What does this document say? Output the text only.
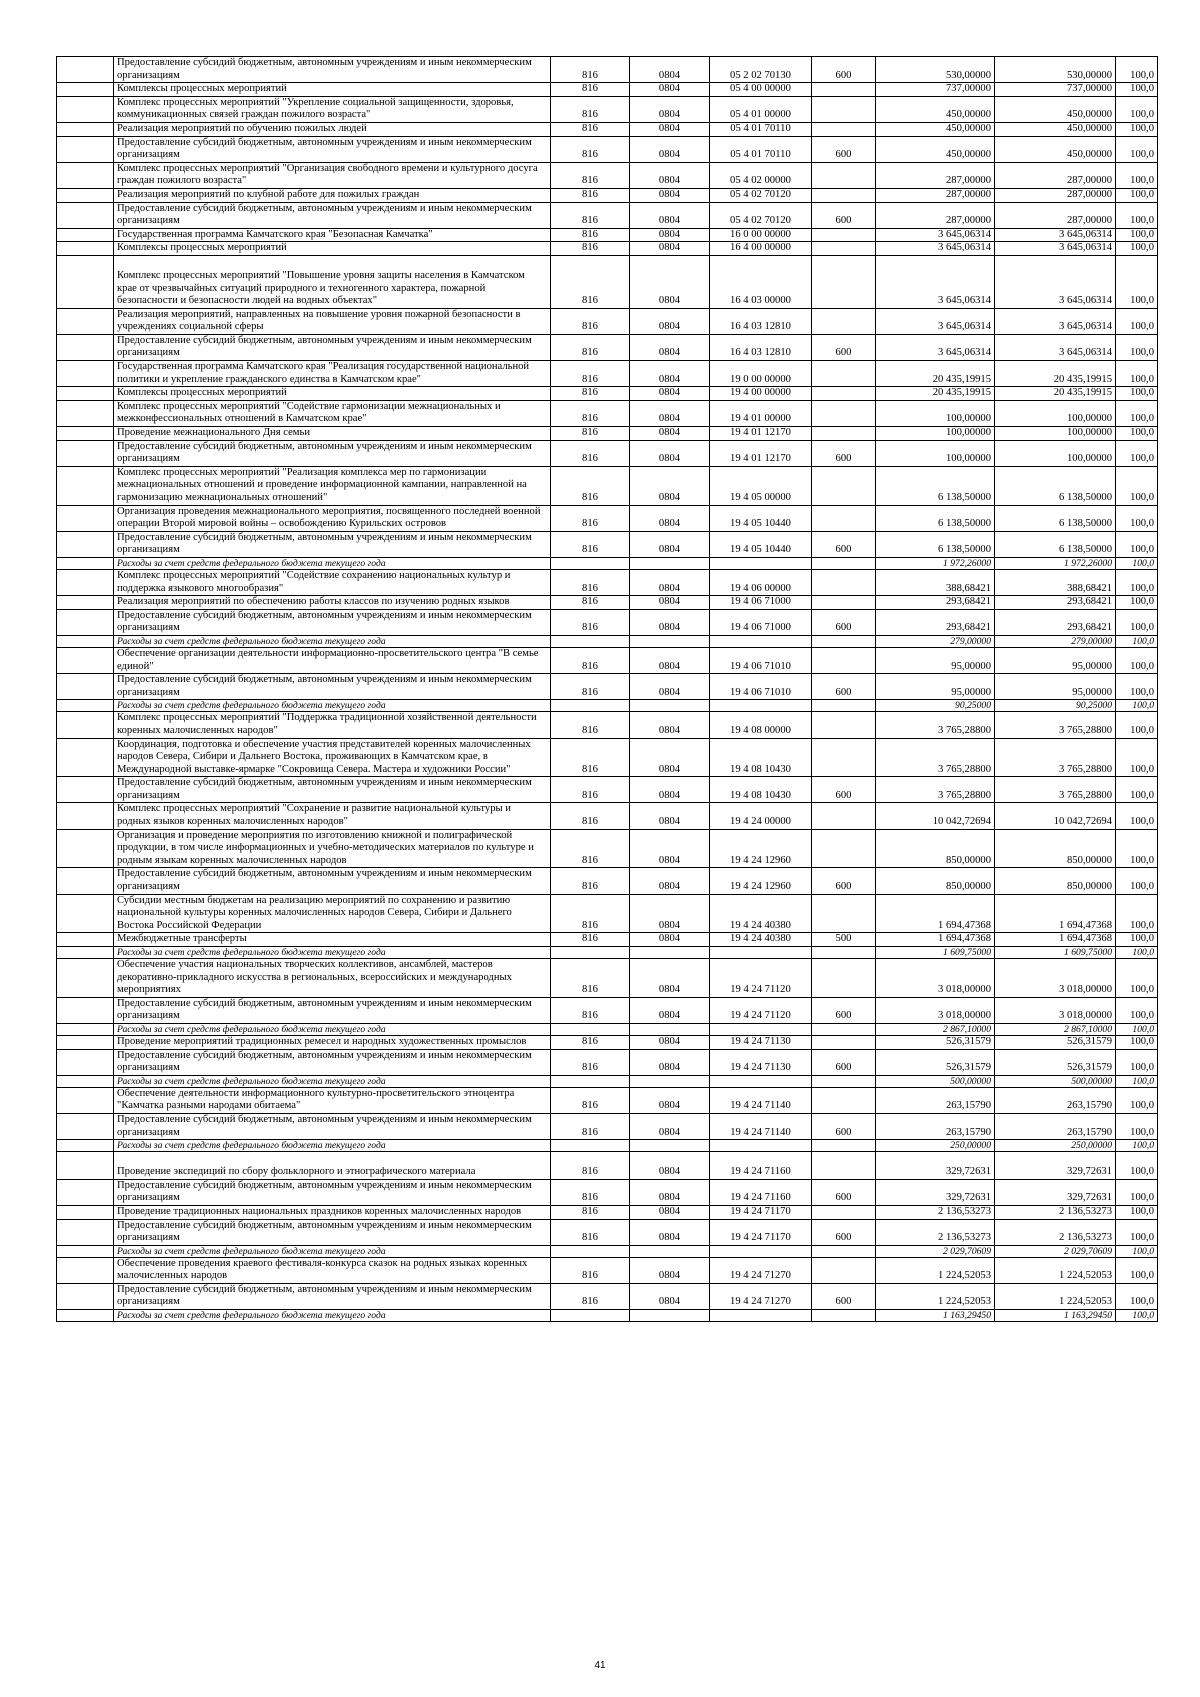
	Предоставление субсидий бюджетным, автономным учреждениям и иным некоммерческим организациям	816	0804	05 2 02 70130	600	530,00000	530,00000	100,0
	Комплексы процессных мероприятий	816	0804	05 4 00 00000		737,00000	737,00000	100,0
	Комплекс процессных мероприятий "Укрепление социальной защищенности, здоровья, коммуникационных связей граждан пожилого возраста"	816	0804	05 4 01 00000		450,00000	450,00000	100,0
	Реализация мероприятий по обучению пожилых людей	816	0804	05 4 01 70110		450,00000	450,00000	100,0
	Предоставление субсидий бюджетным, автономным учреждениям и иным некоммерческим организациям	816	0804	05 4 01 70110	600	450,00000	450,00000	100,0
	Комплекс процессных мероприятий "Организация свободного времени и культурного досуга граждан пожилого возраста"	816	0804	05 4 02 00000		287,00000	287,00000	100,0
	Реализация мероприятий по клубной работе для пожилых граждан	816	0804	05 4 02 70120		287,00000	287,00000	100,0
	Предоставление субсидий бюджетным, автономным учреждениям и иным некоммерческим организациям	816	0804	05 4 02 70120	600	287,00000	287,00000	100,0
	Государственная программа Камчатского края "Безопасная Камчатка"	816	0804	16 0 00 00000		3 645,06314	3 645,06314	100,0
	Комплексы процессных мероприятий	816	0804	16 4 00 00000		3 645,06314	3 645,06314	100,0
	Комплекс процессных мероприятий "Повышение уровня защиты населения в Камчатском крае от чрезвычайных ситуаций природного и техногенного характера, пожарной безопасности и безопасности людей на водных объектах"	816	0804	16 4 03 00000		3 645,06314	3 645,06314	100,0
	Реализация мероприятий, направленных на повышение уровня пожарной безопасности в учреждениях социальной сферы	816	0804	16 4 03 12810		3 645,06314	3 645,06314	100,0
	Предоставление субсидий бюджетным, автономным учреждениям и иным некоммерческим организациям	816	0804	16 4 03 12810	600	3 645,06314	3 645,06314	100,0
	Государственная программа Камчатского края "Реализация государственной национальной политики и укрепление гражданского единства в Камчатском крае"	816	0804	19 0 00 00000		20 435,19915	20 435,19915	100,0
	Комплексы процессных мероприятий	816	0804	19 4 00 00000		20 435,19915	20 435,19915	100,0
	Комплекс процессных мероприятий "Содействие гармонизации межнациональных и межконфессиональных отношений в Камчатском крае"	816	0804	19 4 01 00000		100,00000	100,00000	100,0
	Проведение межнационального Дня семьи	816	0804	19 4 01 12170		100,00000	100,00000	100,0
	Предоставление субсидий бюджетным, автономным учреждениям и иным некоммерческим организациям	816	0804	19 4 01 12170	600	100,00000	100,00000	100,0
	Комплекс процессных мероприятий "Реализация комплекса мер по гармонизации межнациональных отношений и проведение информационной кампании, направленной на гармонизацию межнациональных отношений"	816	0804	19 4 05 00000		6 138,50000	6 138,50000	100,0
	Организация проведения межнационального мероприятия, посвященного последней военной операции Второй мировой войны – освобождению Курильских островов	816	0804	19 4 05 10440		6 138,50000	6 138,50000	100,0
	Предоставление субсидий бюджетным, автономным учреждениям и иным некоммерческим организациям	816	0804	19 4 05 10440	600	6 138,50000	6 138,50000	100,0
	Расходы за счет средств федерального бюджета текущего года					1 972,26000	1 972,26000	100,0
	Комплекс процессных мероприятий "Содействие сохранению национальных культур и поддержка языкового многообразия"	816	0804	19 4 06 00000		388,68421	388,68421	100,0
	Реализация мероприятий по обеспечению работы классов по изучению родных языков	816	0804	19 4 06 71000		293,68421	293,68421	100,0
	Предоставление субсидий бюджетным, автономным учреждениям и иным некоммерческим организациям	816	0804	19 4 06 71000	600	293,68421	293,68421	100,0
	Расходы за счет средств федерального бюджета текущего года					279,00000	279,00000	100,0
	Обеспечение организации деятельности информационно-просветительского центра "В семье единой"	816	0804	19 4 06 71010		95,00000	95,00000	100,0
	Предоставление субсидий бюджетным, автономным учреждениям и иным некоммерческим организациям	816	0804	19 4 06 71010	600	95,00000	95,00000	100,0
	Расходы за счет средств федерального бюджета текущего года					90,25000	90,25000	100,0
	Комплекс процессных мероприятий "Поддержка традиционной хозяйственной деятельности коренных малочисленных народов"	816	0804	19 4 08 00000		3 765,28800	3 765,28800	100,0
	Координация, подготовка и обеспечение участия представителей коренных малочисленных народов Севера, Сибири и Дальнего Востока, проживающих в Камчатском крае, в Международной выставке-ярмарке "Сокровища Севера. Мастера и художники России"	816	0804	19 4 08 10430		3 765,28800	3 765,28800	100,0
	Предоставление субсидий бюджетным, автономным учреждениям и иным некоммерческим организациям	816	0804	19 4 08 10430	600	3 765,28800	3 765,28800	100,0
	Комплекс процессных мероприятий "Сохранение и развитие национальной культуры и родных языков коренных малочисленных народов"	816	0804	19 4 24 00000		10 042,72694	10 042,72694	100,0
	Организация и проведение мероприятия по изготовлению книжной и полиграфической продукции, в том числе информационных и учебно-методических материалов по культуре и родным языкам коренных малочисленных народов	816	0804	19 4 24 12960		850,00000	850,00000	100,0
	Предоставление субсидий бюджетным, автономным учреждениям и иным некоммерческим организациям	816	0804	19 4 24 12960	600	850,00000	850,00000	100,0
	Субсидии местным бюджетам на реализацию мероприятий по сохранению и развитию национальной культуры коренных малочисленных народов Севера, Сибири и Дальнего Востока Российской Федерации	816	0804	19 4 24 40380		1 694,47368	1 694,47368	100,0
	Межбюджетные трансферты	816	0804	19 4 24 40380	500	1 694,47368	1 694,47368	100,0
	Расходы за счет средств федерального бюджета текущего года					1 609,75000	1 609,75000	100,0
	Обеспечение участия национальных творческих коллективов, ансамблей, мастеров декоративно-прикладного искусства в региональных, всероссийских и международных мероприятиях	816	0804	19 4 24 71120		3 018,00000	3 018,00000	100,0
	Предоставление субсидий бюджетным, автономным учреждениям и иным некоммерческим организациям	816	0804	19 4 24 71120	600	3 018,00000	3 018,00000	100,0
	Расходы за счет средств федерального бюджета текущего года					2 867,10000	2 867,10000	100,0
	Проведение мероприятий традиционных ремесел и народных художественных промыслов	816	0804	19 4 24 71130		526,31579	526,31579	100,0
	Предоставление субсидий бюджетным, автономным учреждениям и иным некоммерческим организациям	816	0804	19 4 24 71130	600	526,31579	526,31579	100,0
	Расходы за счет средств федерального бюджета текущего года					500,00000	500,00000	100,0
	Обеспечение деятельности информационного культурно-просветительского этноцентра "Камчатка разными народами обитаема"	816	0804	19 4 24 71140		263,15790	263,15790	100,0
	Предоставление субсидий бюджетным, автономным учреждениям и иным некоммерческим организациям	816	0804	19 4 24 71140	600	263,15790	263,15790	100,0
	Расходы за счет средств федерального бюджета текущего года					250,00000	250,00000	100,0
	Проведение экспедиций по сбору фольклорного и этнографического материала	816	0804	19 4 24 71160		329,72631	329,72631	100,0
	Предоставление субсидий бюджетным, автономным учреждениям и иным некоммерческим организациям	816	0804	19 4 24 71160	600	329,72631	329,72631	100,0
	Проведение традиционных национальных праздников коренных малочисленных народов	816	0804	19 4 24 71170		2 136,53273	2 136,53273	100,0
	Предоставление субсидий бюджетным, автономным учреждениям и иным некоммерческим организациям	816	0804	19 4 24 71170	600	2 136,53273	2 136,53273	100,0
	Расходы за счет средств федерального бюджета текущего года					2 029,70609	2 029,70609	100,0
	Обеспечение проведения краевого фестиваля-конкурса сказок на родных языках коренных малочисленных народов	816	0804	19 4 24 71270		1 224,52053	1 224,52053	100,0
	Предоставление субсидий бюджетным, автономным учреждениям и иным некоммерческим организациям	816	0804	19 4 24 71270	600	1 224,52053	1 224,52053	100,0
	Расходы за счет средств федерального бюджета текущего года					1 163,29450	1 163,29450	100,0
41
